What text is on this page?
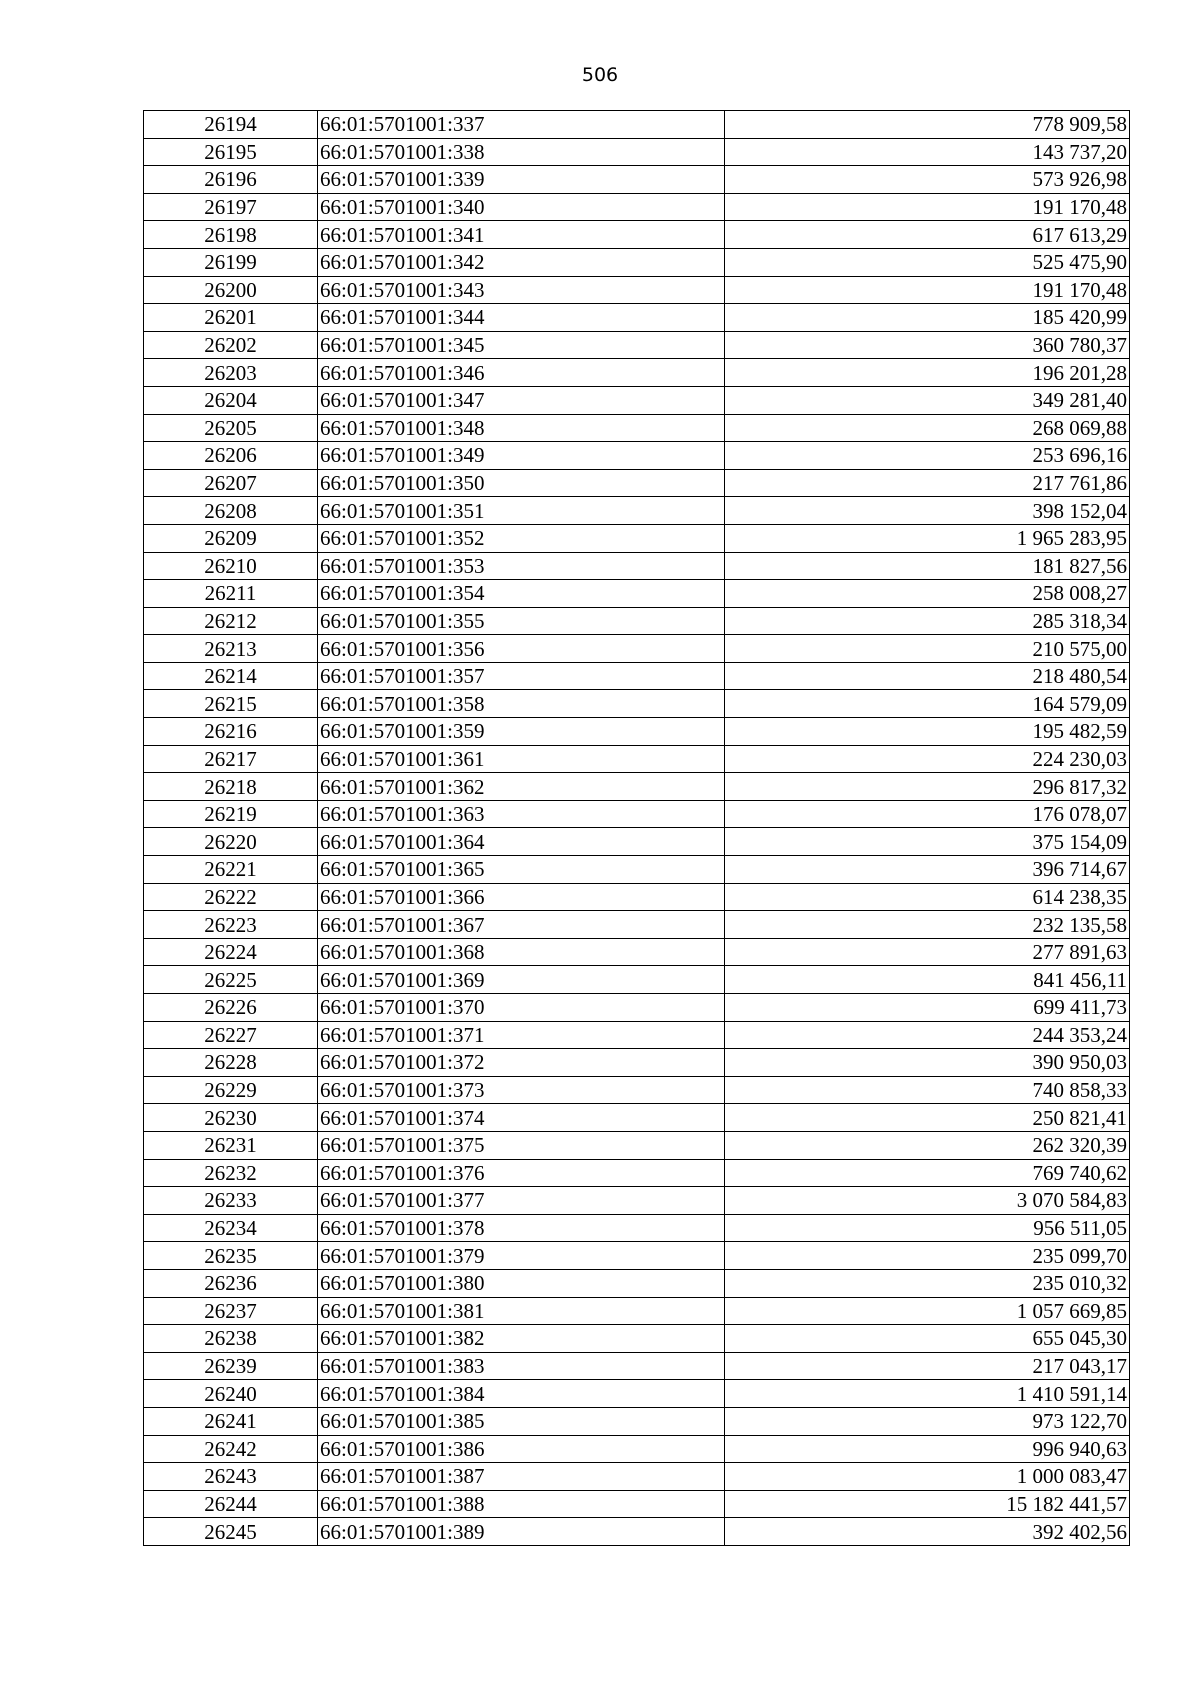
506
26194	66:01:5701001:337	778 909,58
26195	66:01:5701001:338	143 737,20
26196	66:01:5701001:339	573 926,98
26197	66:01:5701001:340	191 170,48
26198	66:01:5701001:341	617 613,29
26199	66:01:5701001:342	525 475,90
26200	66:01:5701001:343	191 170,48
26201	66:01:5701001:344	185 420,99
26202	66:01:5701001:345	360 780,37
26203	66:01:5701001:346	196 201,28
26204	66:01:5701001:347	349 281,40
26205	66:01:5701001:348	268 069,88
26206	66:01:5701001:349	253 696,16
26207	66:01:5701001:350	217 761,86
26208	66:01:5701001:351	398 152,04
26209	66:01:5701001:352	1 965 283,95
26210	66:01:5701001:353	181 827,56
26211	66:01:5701001:354	258 008,27
26212	66:01:5701001:355	285 318,34
26213	66:01:5701001:356	210 575,00
26214	66:01:5701001:357	218 480,54
26215	66:01:5701001:358	164 579,09
26216	66:01:5701001:359	195 482,59
26217	66:01:5701001:361	224 230,03
26218	66:01:5701001:362	296 817,32
26219	66:01:5701001:363	176 078,07
26220	66:01:5701001:364	375 154,09
26221	66:01:5701001:365	396 714,67
26222	66:01:5701001:366	614 238,35
26223	66:01:5701001:367	232 135,58
26224	66:01:5701001:368	277 891,63
26225	66:01:5701001:369	841 456,11
26226	66:01:5701001:370	699 411,73
26227	66:01:5701001:371	244 353,24
26228	66:01:5701001:372	390 950,03
26229	66:01:5701001:373	740 858,33
26230	66:01:5701001:374	250 821,41
26231	66:01:5701001:375	262 320,39
26232	66:01:5701001:376	769 740,62
26233	66:01:5701001:377	3 070 584,83
26234	66:01:5701001:378	956 511,05
26235	66:01:5701001:379	235 099,70
26236	66:01:5701001:380	235 010,32
26237	66:01:5701001:381	1 057 669,85
26238	66:01:5701001:382	655 045,30
26239	66:01:5701001:383	217 043,17
26240	66:01:5701001:384	1 410 591,14
26241	66:01:5701001:385	973 122,70
26242	66:01:5701001:386	996 940,63
26243	66:01:5701001:387	1 000 083,47
26244	66:01:5701001:388	15 182 441,57
26245	66:01:5701001:389	392 402,56
